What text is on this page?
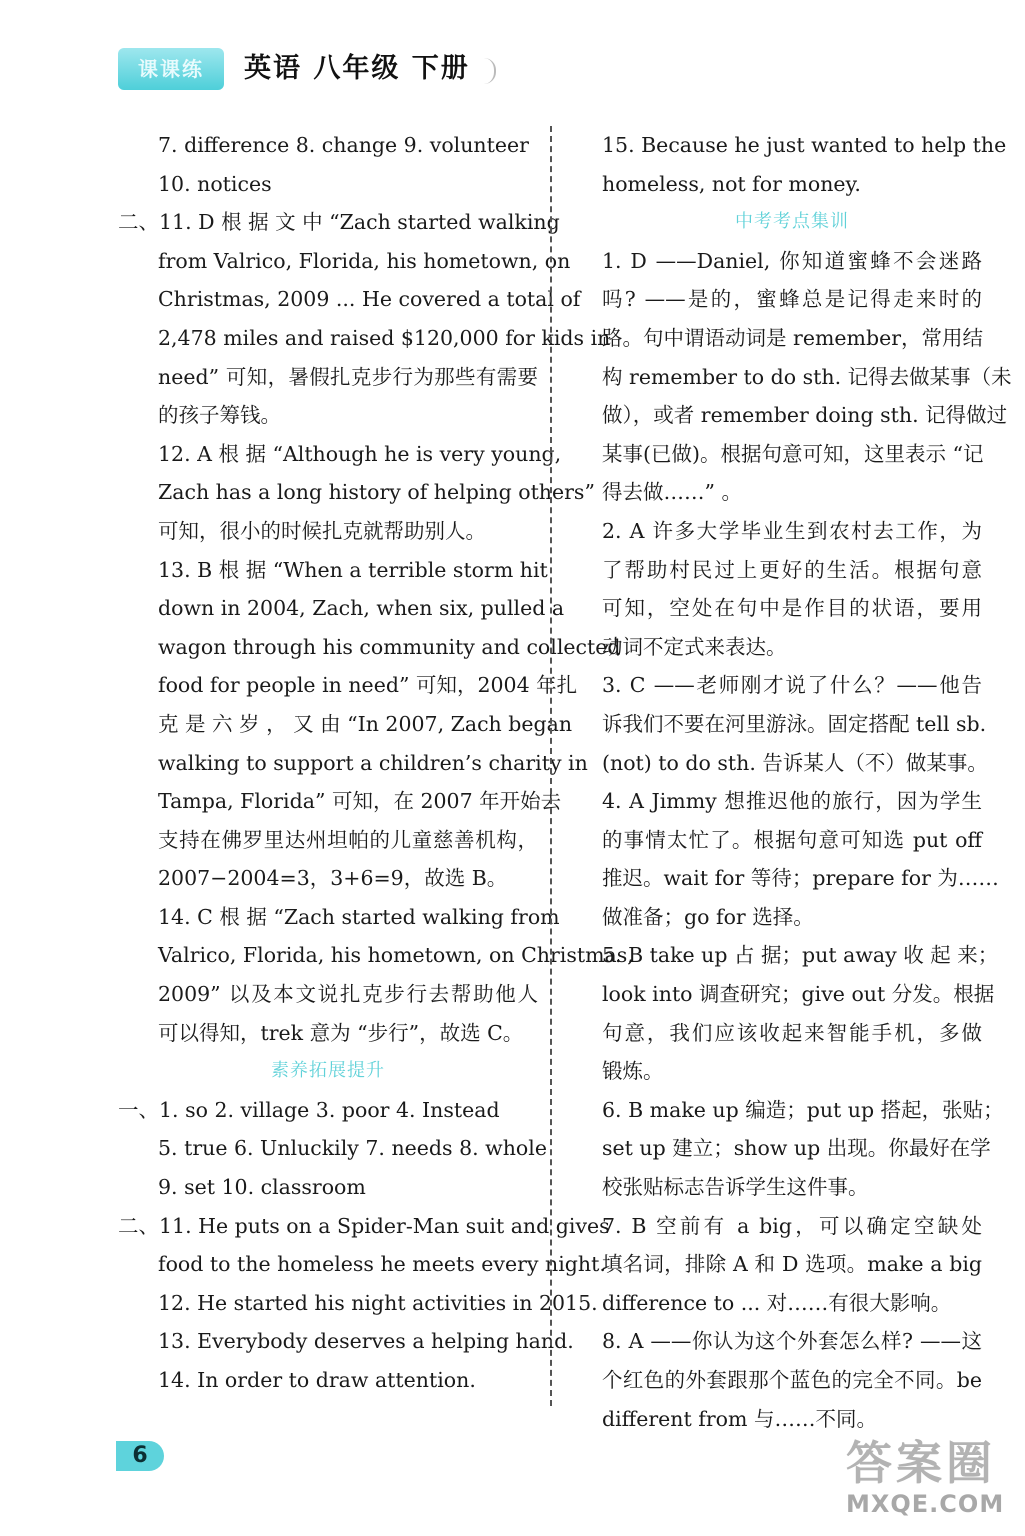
课课练	英语 八年级 下册
7. difference 8. change 9. volunteer
10. notices
二、11. D 根 据 文 中 “Zach started walking
from Valrico, Florida, his hometown, on
Christmas, 2009 ... He covered a total of
2,478 miles and raised $120,000 for kids in
need” 可知，暑假扎克步行为那些有需要
的孩子筹钱。
12. A 根 据 “Although he is very young,
Zach has a long history of helping others”
可知，很小的时候扎克就帮助别人。
13. B 根 据 “When a terrible storm hit
down in 2004, Zach, when six, pulled a
wagon through his community and collected
food for people in need” 可知，2004 年扎
克 是 六 岁 ， 又 由 “In 2007, Zach began
walking to support a children’s charity in
Tampa, Florida” 可知，在 2007 年开始去
支持在佛罗里达州坦帕的儿童慈善机构，
2007−2004=3，3+6=9，故选 B。
14. C 根 据 “Zach started walking from
Valrico, Florida, his hometown, on Christmas,
2009” 以及本文说扎克步行去帮助他人
可以得知，trek 意为 “步行”，故选 C。
素养拓展提升
一、1. so 2. village 3. poor 4. Instead
5. true 6. Unluckily 7. needs 8. whole
9. set 10. classroom
二、11. He puts on a Spider-Man suit and gives
food to the homeless he meets every night.
12. He started his night activities in 2015.
13. Everybody deserves a helping hand.
14. In order to draw attention.
15. Because he just wanted to help the
homeless, not for money.
中考考点集训
1. D ——Daniel, 你知道蜜蜂不会迷路
吗? ——是的，蜜蜂总是记得走来时的
路。句中谓语动词是 remember，常用结
构 remember to do sth. 记得去做某事（未
做），或者 remember doing sth. 记得做过
某事(已做)。根据句意可知，这里表示 “记
得去做……” 。
2. A 许多大学毕业生到农村去工作，为
了帮助村民过上更好的生活。根据句意
可知，空处在句中是作目的状语，要用
动词不定式来表达。
3. C ——老师刚才说了什么？——他告
诉我们不要在河里游泳。固定搭配 tell sb.
(not) to do sth. 告诉某人（不）做某事。
4. A Jimmy 想推迟他的旅行，因为学生
的事情太忙了。根据句意可知选 put off
推迟。wait for 等待；prepare for 为……
做准备；go for 选择。
5. B take up 占 据；put away 收 起 来；
look into 调查研究；give out 分发。根据
句意，我们应该收起来智能手机，多做
锻炼。
6. B make up 编造；put up 搭起，张贴；
set up 建立；show up 出现。你最好在学
校张贴标志告诉学生这件事。
7. B 空前有 a big，可以确定空缺处
填名词，排除 A 和 D 选项。make a big
difference to ... 对……有很大影响。
8. A ——你认为这个外套怎么样? ——这
个红色的外套跟那个蓝色的完全不同。be
different from 与……不同。
6	答案圈
MXQE.COM
